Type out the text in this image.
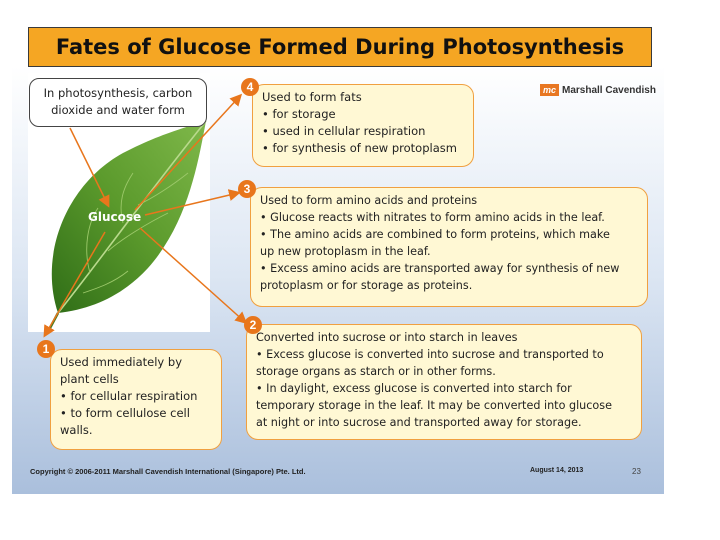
Fates of Glucose Formed During Photosynthesis
In photosynthesis, carbon
dioxide and water form
Glucose
mc Marshall Cavendish
Used to form fats
• for storage
• used in cellular respiration
• for synthesis of new protoplasm
4
Used to form amino acids and proteins
• Glucose reacts with nitrates to form amino acids in the leaf.
• The amino acids are combined to form proteins, which make
up new protoplasm in the leaf.
• Excess amino acids are transported away for synthesis of new
protoplasm or for storage as proteins.
3
Converted into sucrose or into starch in leaves
• Excess glucose is converted into sucrose and transported to
storage organs as starch or in other forms.
• In daylight, excess glucose is converted into starch for
temporary storage in the leaf. It may be converted into glucose
at night or into sucrose and transported away for storage.
2
Used immediately by
plant cells
• for cellular respiration
• to form cellulose cell
walls.
1
Copyright © 2006-2011 Marshall Cavendish International (Singapore) Pte. Ltd.	August 14, 2013	23
